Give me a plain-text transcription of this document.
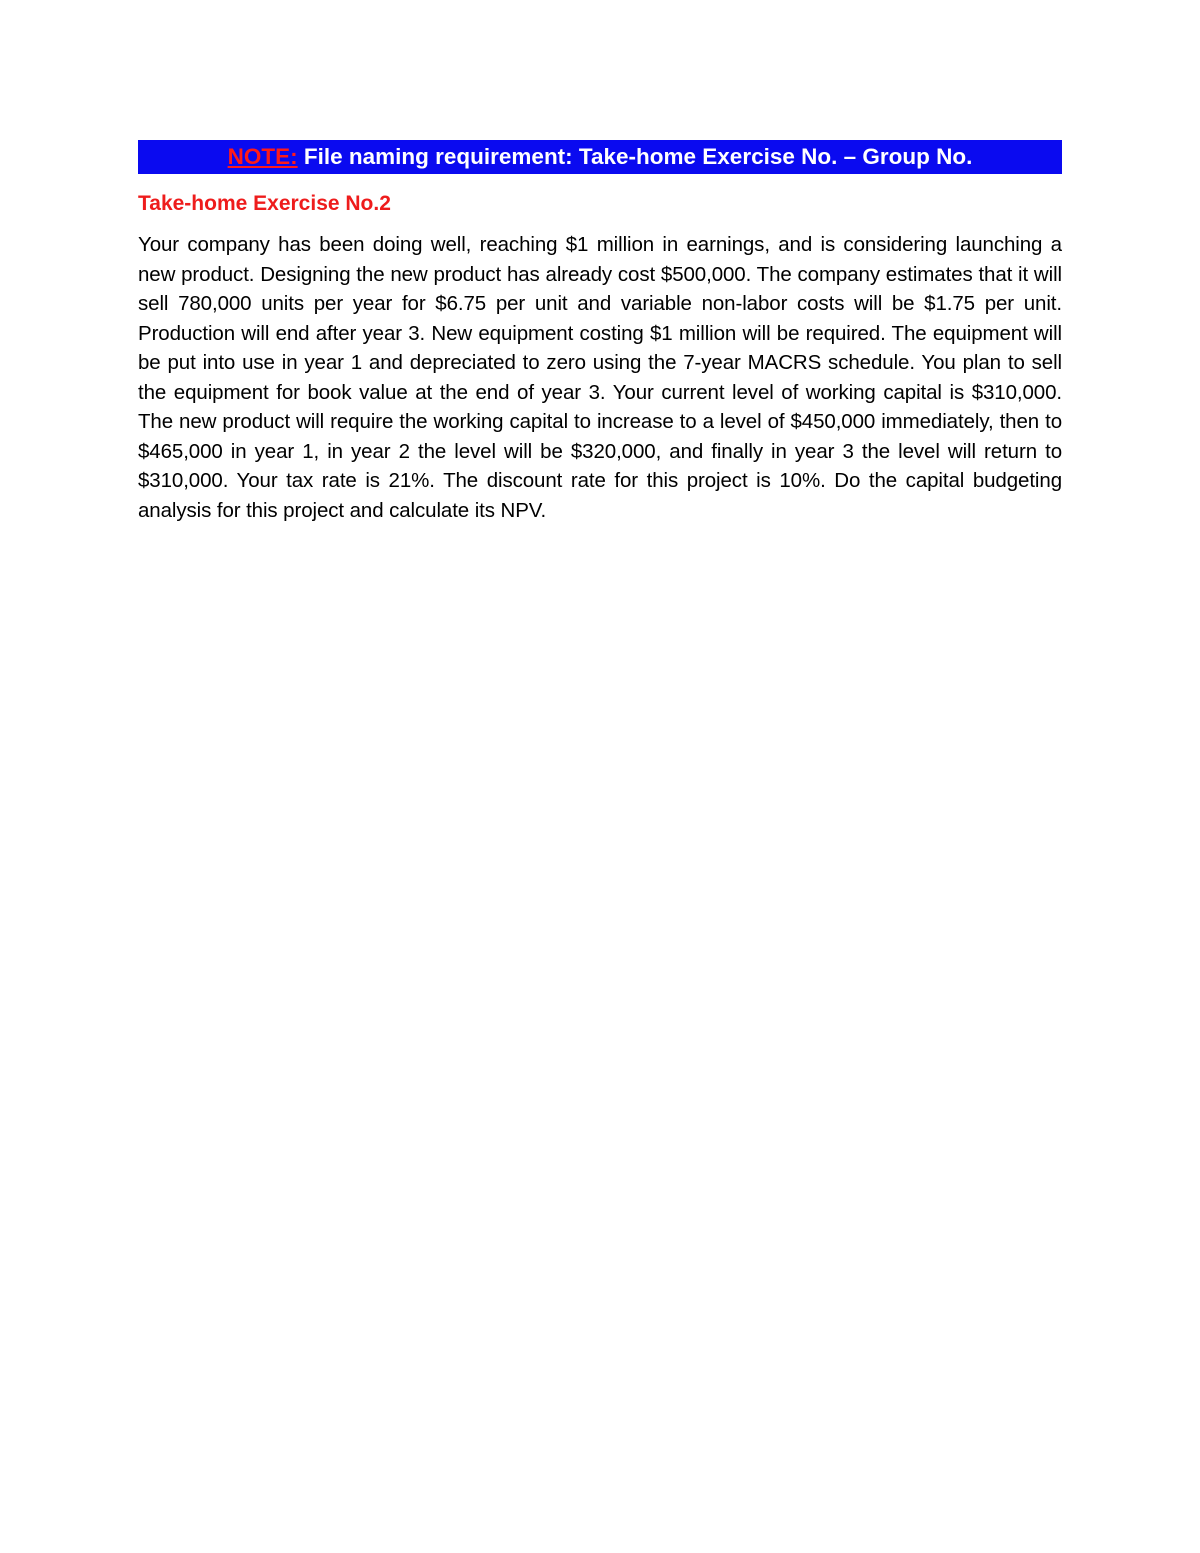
NOTE: File naming requirement: Take-home Exercise No. – Group No.
Take-home Exercise No.2

Your company has been doing well, reaching $1 million in earnings, and is considering launching a new product. Designing the new product has already cost $500,000. The company estimates that it will sell 780,000 units per year for $6.75 per unit and variable non-labor costs will be $1.75 per unit. Production will end after year 3. New equipment costing $1 million will be required. The equipment will be put into use in year 1 and depreciated to zero using the 7-year MACRS schedule. You plan to sell the equipment for book value at the end of year 3. Your current level of working capital is $310,000. The new product will require the working capital to increase to a level of $450,000 immediately, then to $465,000 in year 1, in year 2 the level will be $320,000, and finally in year 3 the level will return to $310,000. Your tax rate is 21%. The discount rate for this project is 10%. Do the capital budgeting analysis for this project and calculate its NPV.
